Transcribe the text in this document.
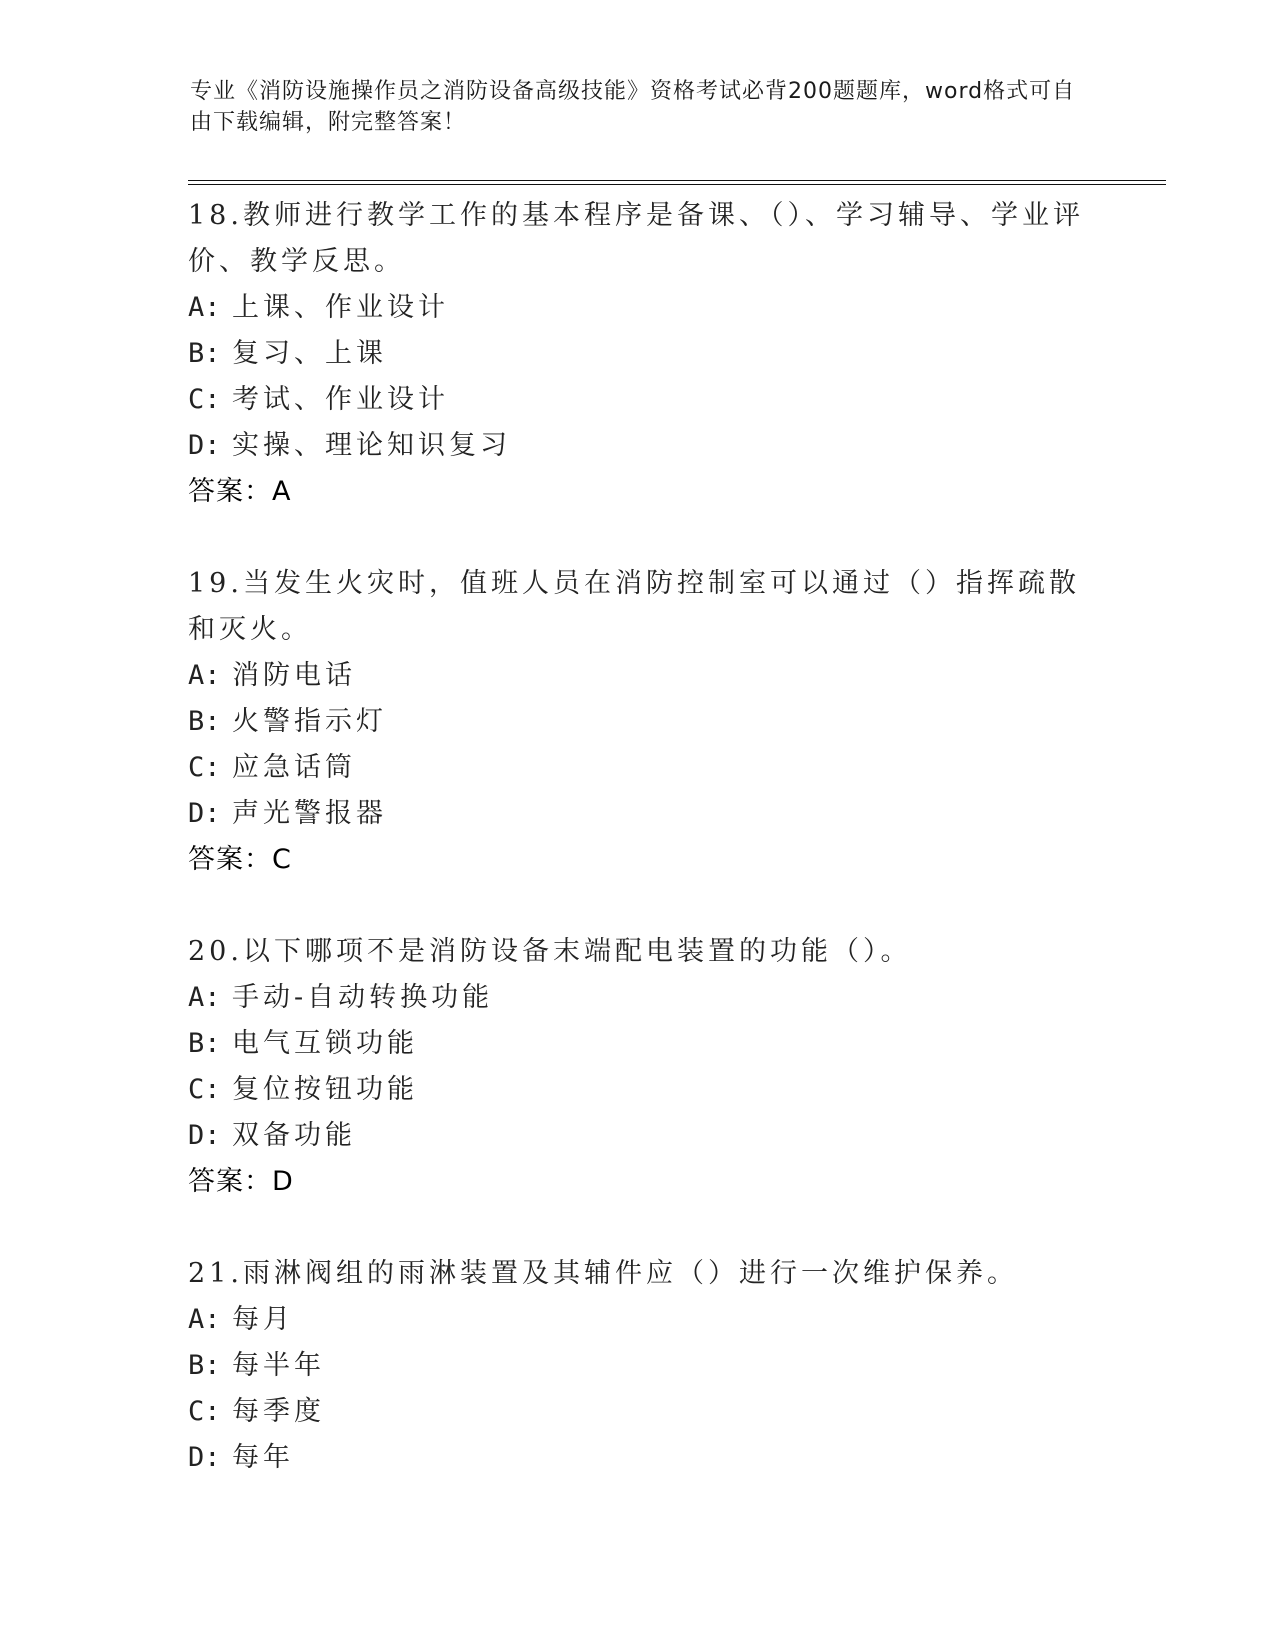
专业《消防设施操作员之消防设备高级技能》资格考试必背200题题库，word格式可自由下载编辑，附完整答案！

18.教师进行教学工作的基本程序是备课、（）、学习辅导、学业评价、教学反思。

A: 上课、作业设计
B: 复习、上课
C: 考试、作业设计
D: 实操、理论知识复习

答案：A

19.当发生火灾时，值班人员在消防控制室可以通过（）指挥疏散和灭火。

A: 消防电话
B: 火警指示灯
C: 应急话筒
D: 声光警报器

答案：C

20.以下哪项不是消防设备末端配电装置的功能（）。

A: 手动-自动转换功能
B: 电气互锁功能
C: 复位按钮功能
D: 双备功能

答案：D

21.雨淋阀组的雨淋装置及其辅件应（）进行一次维护保养。

A: 每月
B: 每半年
C: 每季度
D: 每年
